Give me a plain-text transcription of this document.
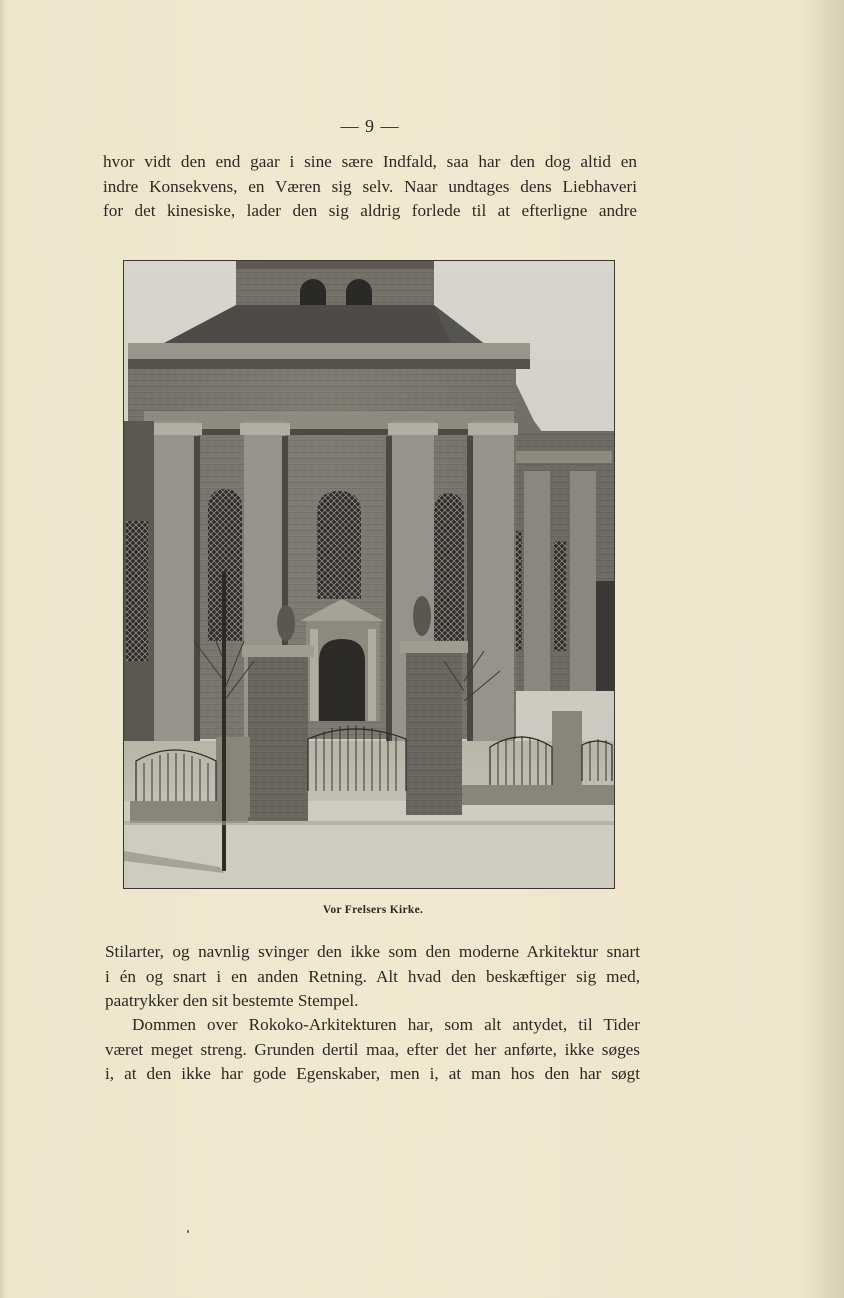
— 9 —
hvor vidt den end gaar i sine sære Indfald, saa har den dog altid en
indre Konsekvens, en Væren sig selv. Naar undtages dens Liebhaveri
for det kinesiske, lader den sig aldrig forlede til at efterligne andre
Vor Frelsers Kirke.
Stilarter, og navnlig svinger den ikke som den moderne Arkitektur snart
i én og snart i en anden Retning. Alt hvad den beskæftiger sig med,
paatrykker den sit bestemte Stempel.
Dommen over Rokoko-Arkitekturen har, som alt antydet, til Tider
været meget streng. Grunden dertil maa, efter det her anførte, ikke søges
i, at den ikke har gode Egenskaber, men i, at man hos den har søgt
